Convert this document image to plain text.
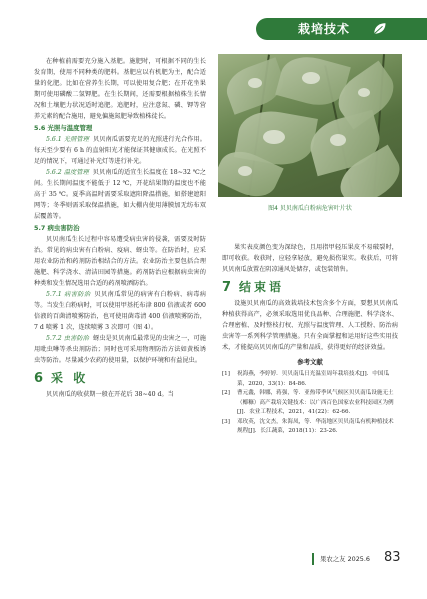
栽培技术

在种植前需要充分施入基肥。施肥时，可根据不同的生长发育期，使用不同种类的肥料。基肥应以有机肥为主，配合适量的化肥。比如在营养生长期，可以使用复合肥；在开花坐果期可使用磷酸二氢钾肥。在生长期间，还需要根据植株生长情况和土壤肥力状况适时追肥。追肥时，应注意氮、磷、钾等营养元素的配合施用，避免偏施氮肥导致植株徒长。

5.6 光照与温度管理

5.6.1 光照管理 贝贝南瓜需要充足的光照进行光合作用。每天至少要有 6 h 的直射阳光才能保证其健康成长。在光照不足的情况下，可通过补光灯等进行补光。

5.6.2 温度管理 贝贝南瓜的适宜生长温度在 18~32 ℃之间。生长期间温度不能低于 12 ℃，开花结果期的温度也不能高于 35 ℃。夏季高温时需要采取遮阳降温措施，如搭建遮阳网等；冬季则需采取保温措施，如大棚内使用薄膜加无纺布双层覆盖等。

5.7 病虫害防治

贝贝南瓜生长过程中容易遭受病虫害的侵袭，需要及时防治。常见的病虫害有白粉病、疫病、蚜虫等。在防治时，应采用农业防治和药剂防治相结合的方法。农业防治主要包括合理施肥、科学浇水、清洁田园等措施。药剂防治应根据病虫害的种类和发生情况选用合适的药剂喷洒防治。

5.7.1 病害防治 贝贝南瓜常见的病害有白粉病、病毒病等。当发生白粉病时，可以使用甲基托布津 800 倍液或者 600 倍液的百菌清喷雾防治，也可使用菌毒清 400 倍液喷雾防治，7 d 喷雾 1 次，连续喷雾 3 次即可（图 4）。

5.7.2 虫害防治 蚜虫是贝贝南瓜最常见的虫害之一，可施用吡虫啉等杀虫剂防治；同时也可采用物理防治方法如黄板诱虫等防治。尽量减少农药的使用量，以保护环境和有益昆虫。

6 采 收

贝贝南瓜的收获期一般在开花后 38~40 d。当

图4 贝贝南瓜白粉病危害叶片状

果实表皮颜色变为深绿色，且用指甲轻压果皮不易破裂时，即可收获。收获时，应轻拿轻放，避免损伤果实。收获后，可将贝贝南瓜放置在阴凉通风处储存，或包装销售。

7 结束语

设施贝贝南瓜的高效栽培技术包含多个方面，要想贝贝南瓜种植获得高产，必须采取选用优良品种、合理施肥、科学浇水、合理密植、及时整枝打杈、光照与温度管理、人工授粉、防治病虫害等一系列科学管理措施。只有全面掌握和运用好这些实用技术，才能提高贝贝南瓜的产量和品质，获得更好的经济效益。

参考文献
[1]	祝海燕，李婷婷．贝贝南瓜日光温室周年栽培技术[J]．中国瓜菜，2020，33(1)：84-86.
[2]	曹元鑫，韩娜，蒋强，等．亚热带季风气候区贝贝南瓜设施无土（椰糠）高产栽培关键技术：以广西百色国家农业科技园区为例[J]．农业工程技术，2021，41(22)：62-66.
[3]	邓玫英，沈文杰，朱海凤，等．华南地区贝贝南瓜有机种植技术规程[J]．长江蔬菜，2018(11)：23-26.
果农之友 2025.6 83
